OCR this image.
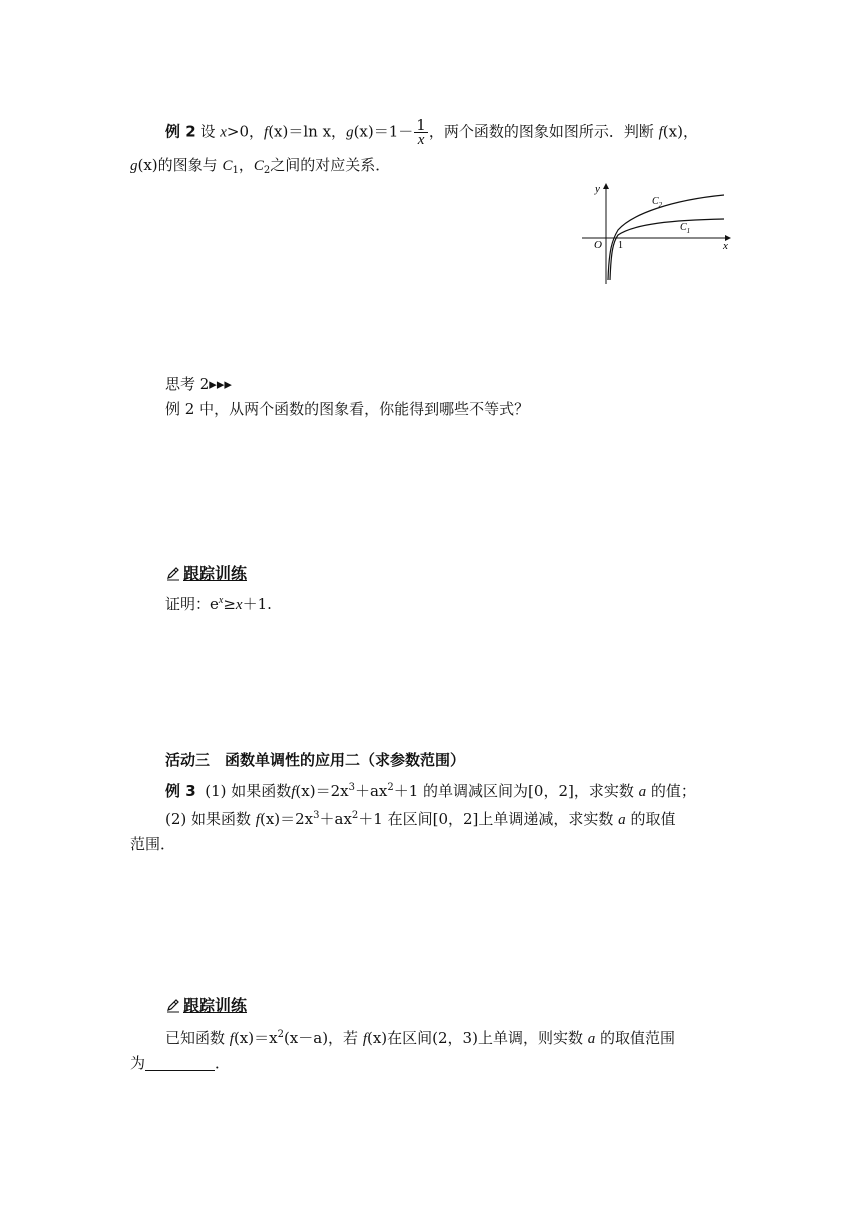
例 2 设 x>0，f(x)＝ln x，$g(x)=1- \frac{1}{x}$ ，两个函数的图象如图所示．判断 f(x)，
g(x)的图象与 $C_1$，$C_2$之间的对应关系．
y
x
O 1
$C_2$
$C_1$
思考 2▸▸▸
例 2 中，从两个函数的图象看，你能得到哪些不等式？
跟踪训练
证明：$e^x\ge x+1$.
活动三　函数单调性的应用二（求参数范围）
例 3 (1) 如果函数$f(x)=2x^3+ax^2+1$ 的单调减区间为[0，2]，求实数 a 的值；
(2) 如果函数 $f(x)=2x^3+ax^2+1$ 在区间[0，2]上单调递减，求实数 a 的取值
范围．
跟踪训练
已知函数 $f(x)=x^2(x-a)$，若 f(x)在区间(2，3)上单调，则实数 a 的取值范围
为	．
